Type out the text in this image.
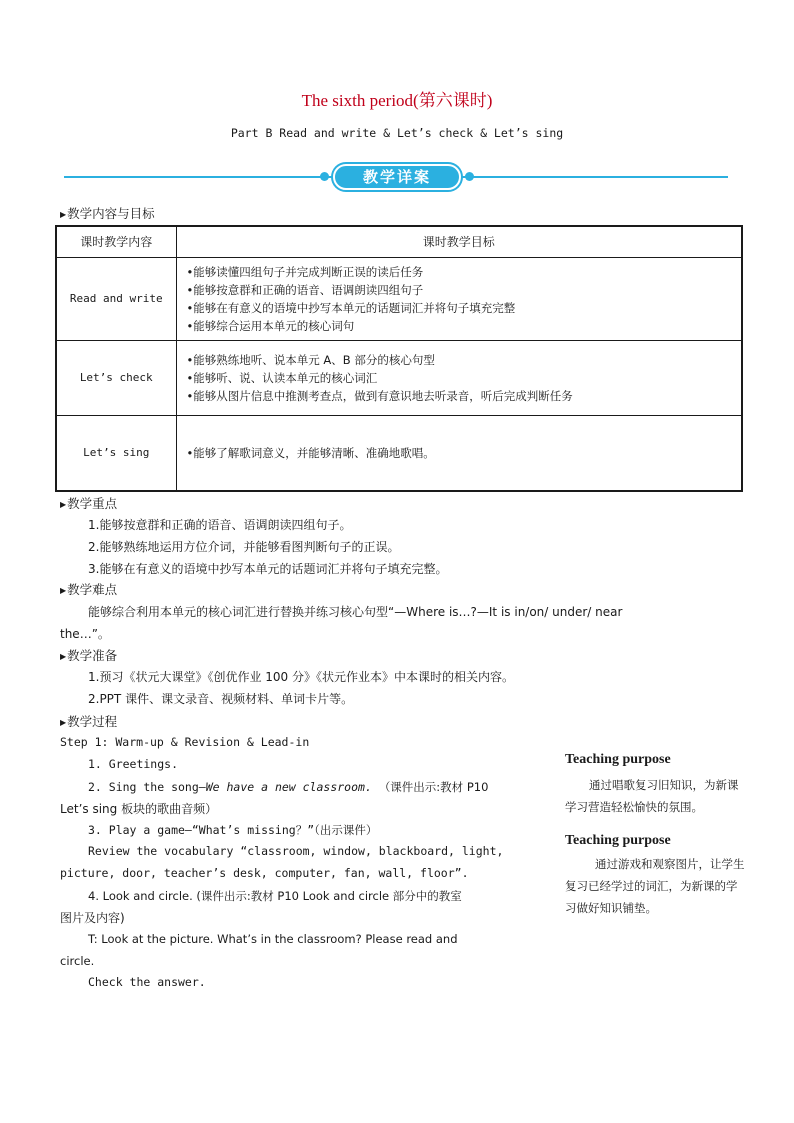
The sixth period(第六课时)
Part B Read and write & Let’s check & Let’s sing
教学详案
▶教学内容与目标
课时教学内容	课时教学目标
Read and write	•能够读懂四组句子并完成判断正误的读后任务
•能够按意群和正确的语音、语调朗读四组句子
•能够在有意义的语境中抄写本单元的话题词汇并将句子填充完整
•能够综合运用本单元的核心词句

Let’s check	•能够熟练地听、说本单元 A、B 部分的核心句型
•能够听、说、认读本单元的核心词汇
•能够从图片信息中推测考查点，做到有意识地去听录音，听后完成判断任务

Let’s sing	•能够了解歌词意义，并能够清晰、准确地歌唱。
▶教学重点
1.能够按意群和正确的语音、语调朗读四组句子。
2.能够熟练地运用方位介词，并能够看图判断句子的正误。
3.能够在有意义的语境中抄写本单元的话题词汇并将句子填充完整。
▶教学难点
能够综合利用本单元的核心词汇进行替换并练习核心句型“—Where is…?—It is in/on/ under/ near
the…”。
▶教学准备
1.预习《状元大课堂》《创优作业 100 分》《状元作业本》中本课时的相关内容。
2.PPT 课件、课文录音、视频材料、单词卡片等。
▶教学过程
Step 1: Warm-up & Revision & Lead-in
1. Greetings.
2. Sing the song—We have a new classroom. （课件出示:教材 P10
Let’s sing 板块的歌曲音频）
3. Play a game—“What’s missing？”（出示课件）
Review the vocabulary “classroom, window, blackboard, light,
picture, door, teacher’s desk, computer, fan, wall, floor”.
4. Look and circle. (课件出示:教材 P10 Look and circle 部分中的教室
图片及内容)
T: Look at the picture. What’s in the classroom? Please read and
circle.
Check the answer.
Teaching purpose
通过唱歌复习旧知识，为新课学习营造轻松愉快的氛围。
Teaching purpose
通过游戏和观察图片，让学生复习已经学过的词汇，为新课的学习做好知识铺垫。
